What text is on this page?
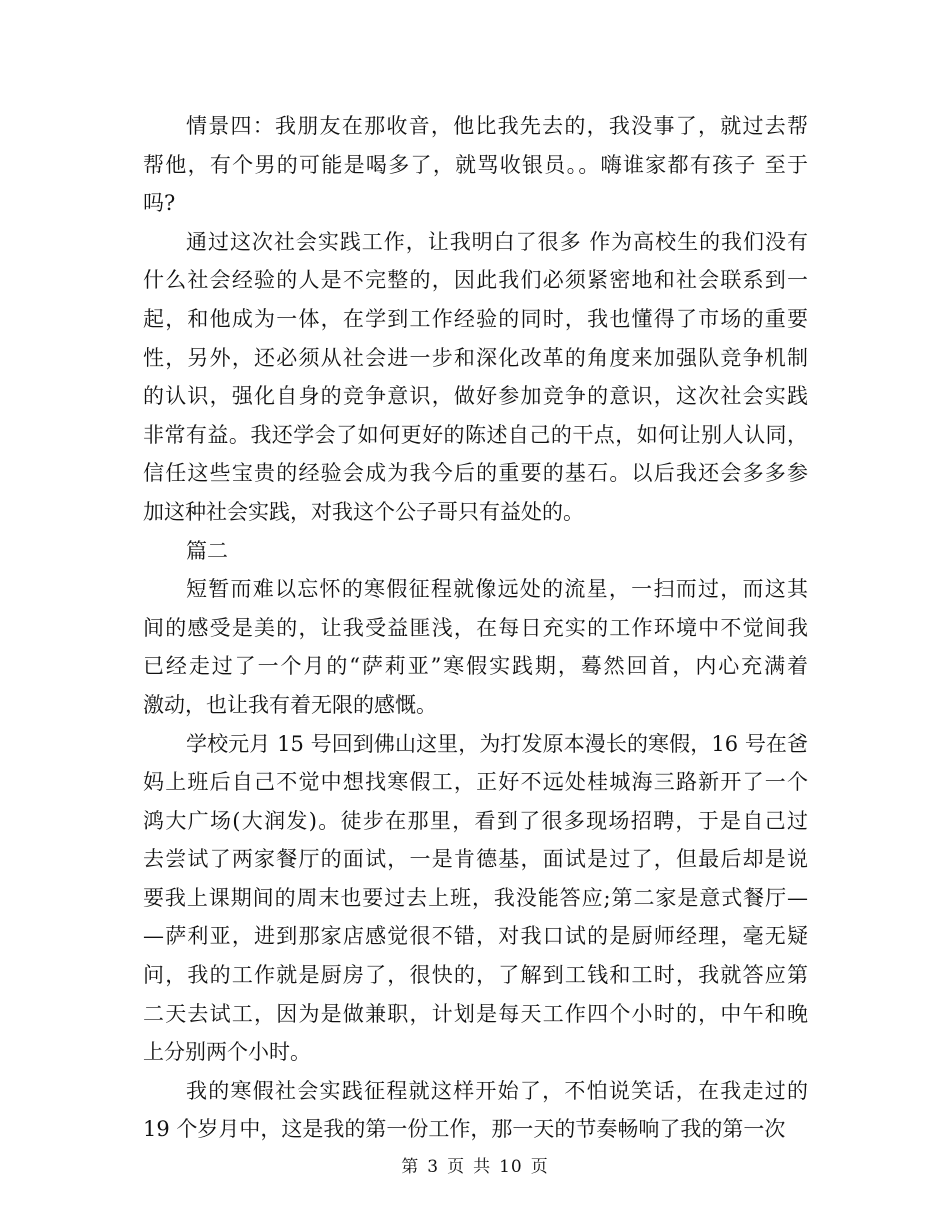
情景四：我朋友在那收音，他比我先去的，我没事了，就过去帮
帮他，有个男的可能是喝多了，就骂收银员。。嗨谁家都有孩子 至于
吗?
通过这次社会实践工作，让我明白了很多 作为高校生的我们没有
什么社会经验的人是不完整的，因此我们必须紧密地和社会联系到一
起，和他成为一体，在学到工作经验的同时，我也懂得了市场的重要
性，另外，还必须从社会进一步和深化改革的角度来加强队竞争机制
的认识，强化自身的竞争意识，做好参加竞争的意识，这次社会实践
非常有益。我还学会了如何更好的陈述自己的干点，如何让别人认同，
信任这些宝贵的经验会成为我今后的重要的基石。以后我还会多多参
加这种社会实践，对我这个公子哥只有益处的。
篇二
短暂而难以忘怀的寒假征程就像远处的流星，一扫而过，而这其
间的感受是美的，让我受益匪浅，在每日充实的工作环境中不觉间我
已经走过了一个月的“萨莉亚”寒假实践期，蓦然回首，内心充满着
激动，也让我有着无限的感慨。
学校元月 15 号回到佛山这里，为打发原本漫长的寒假，16 号在爸
妈上班后自己不觉中想找寒假工，正好不远处桂城海三路新开了一个
鸿大广场(大润发)。徒步在那里，看到了很多现场招聘，于是自己过
去尝试了两家餐厅的面试，一是肯德基，面试是过了，但最后却是说
要我上课期间的周末也要过去上班，我没能答应;第二家是意式餐厅—
—萨利亚，进到那家店感觉很不错，对我口试的是厨师经理，毫无疑
问，我的工作就是厨房了，很快的，了解到工钱和工时，我就答应第
二天去试工，因为是做兼职，计划是每天工作四个小时的，中午和晚
上分别两个小时。
我的寒假社会实践征程就这样开始了，不怕说笑话，在我走过的
19 个岁月中，这是我的第一份工作，那一天的节奏畅响了我的第一次
第 3 页 共 10 页
